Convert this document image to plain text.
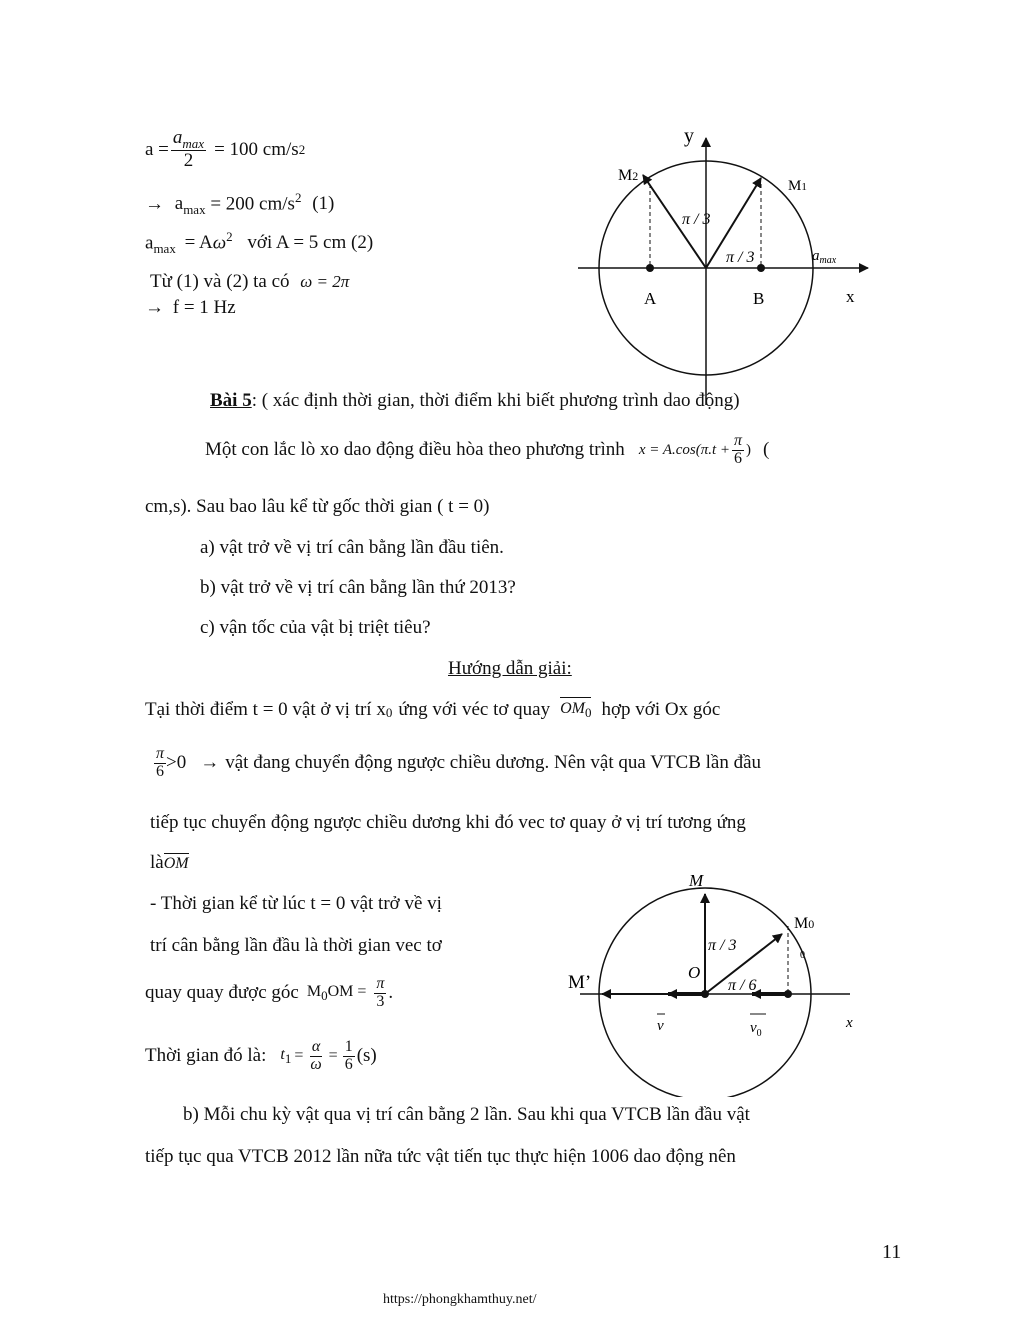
$a = \frac{a_{max}}{2} = 100$ cm/s 2
→ $a_{max} = 200$ $cm/s^2$ (1)
$a_{max} = A\omega^2$ với A = 5 cm (2)
Từ (1) và (2) ta có ω = 2π
→ f = 1 Hz
y
x
M2
M1
A	B
$a_{max}$
π / 3
π / 3
Bài 5: ( xác định thời gian, thời điểm khi biết phương trình dao động)
Một con lắc lò xo dao động điều hòa theo phương trình $x = A.\cos(\pi.t + \frac{\pi}{6}$ ) (
cm,s). Sau bao lâu kể từ gốc thời gian ( t = 0)
a) vật trở về vị trí cân bằng lần đầu tiên.
b) vật trở về vị trí cân bằng lần thứ 2013?
c) vận tốc của vật bị triệt tiêu?
Hướng dẫn giải:
Tại thời điểm t = 0 vật ở vị trí x 0 ứng với véc tơ quay $OM_0$ hợp với Ox góc
$\frac{\pi}{6} >0$ → vật đang chuyển động ngược chiều dương. Nên vật qua VTCB lần đầu
tiếp tục chuyển động ngược chiều dương khi đó vec tơ quay ở vị trí tương ứng
là
OM
- Thời gian kể từ lúc t = 0 vật trở về vị
trí cân bằng lần đầu là thời gian vec tơ
quay quay được góc $M_0OM = \frac{\pi}{3}$ .
Thời gian đó là: $t_1 = \frac{\alpha}{\omega} = \frac{1}{6} (s)$
b) Mỗi chu kỳ vật qua vị trí cân bằng 2 lần. Sau khi qua VTCB lần đầu vật
tiếp tục qua VTCB 2012 lần nữa tức vật tiến tục thực hiện 1006 dao động nên
M
M0
0
O
M’
x
π / 3
π / 6
v	$v_0$
11
https://phongkhamthuy.net/
